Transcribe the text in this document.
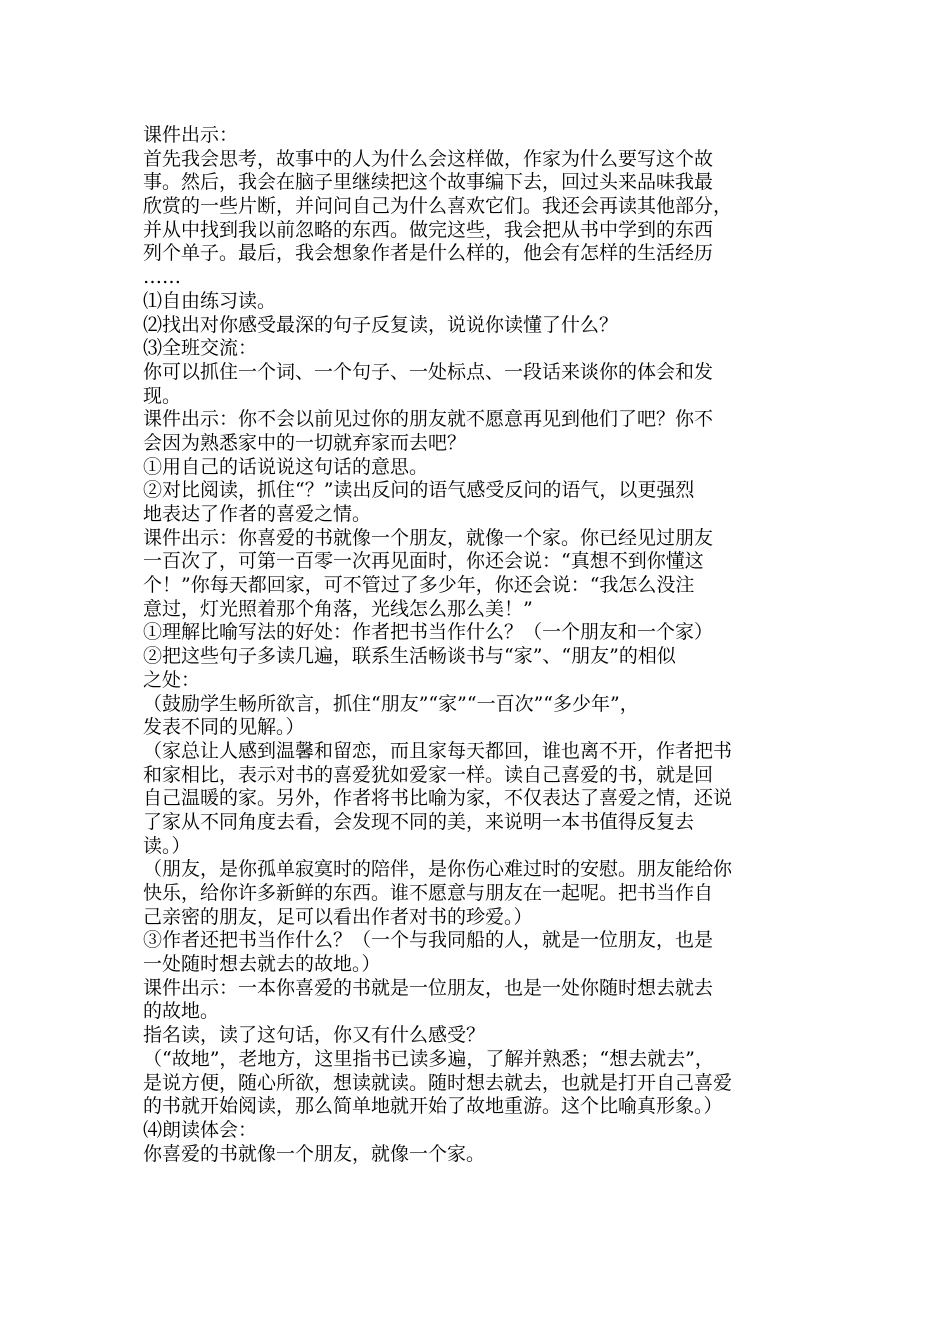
课件出示：
首先我会思考，故事中的人为什么会这样做，作家为什么要写这个故
事。然后，我会在脑子里继续把这个故事编下去，回过头来品味我最
欣赏的一些片断，并问问自己为什么喜欢它们。我还会再读其他部分，
并从中找到我以前忽略的东西。做完这些，我会把从书中学到的东西
列个单子。最后，我会想象作者是什么样的，他会有怎样的生活经历
……
⑴自由练习读。
⑵找出对你感受最深的句子反复读，说说你读懂了什么？
⑶全班交流：
你可以抓住一个词、一个句子、一处标点、一段话来谈你的体会和发
现。
课件出示：你不会以前见过你的朋友就不愿意再见到他们了吧？你不
会因为熟悉家中的一切就弃家而去吧？
①用自己的话说说这句话的意思。
②对比阅读，抓住“？”读出反问的语气感受反问的语气，以更强烈
地表达了作者的喜爱之情。
课件出示：你喜爱的书就像一个朋友，就像一个家。你已经见过朋友
一百次了，可第一百零一次再见面时，你还会说：“真想不到你懂这
个！”你每天都回家，可不管过了多少年，你还会说：“我怎么没注
意过，灯光照着那个角落，光线怎么那么美！”
①理解比喻写法的好处：作者把书当作什么？（一个朋友和一个家）
②把这些句子多读几遍，联系生活畅谈书与“家”、“朋友”的相似
之处：
（鼓励学生畅所欲言，抓住“朋友”“家”“一百次”“多少年”，
发表不同的见解。）
（家总让人感到温馨和留恋，而且家每天都回，谁也离不开，作者把书
和家相比，表示对书的喜爱犹如爱家一样。读自己喜爱的书，就是回
自己温暖的家。另外，作者将书比喻为家，不仅表达了喜爱之情，还说
了家从不同角度去看，会发现不同的美，来说明一本书值得反复去
读。）
（朋友，是你孤单寂寞时的陪伴，是你伤心难过时的安慰。朋友能给你
快乐，给你许多新鲜的东西。谁不愿意与朋友在一起呢。把书当作自
己亲密的朋友，足可以看出作者对书的珍爱。）
③作者还把书当作什么？（一个与我同船的人，就是一位朋友，也是
一处随时想去就去的故地。）
课件出示：一本你喜爱的书就是一位朋友，也是一处你随时想去就去
的故地。
指名读，读了这句话，你又有什么感受？
（“故地”，老地方，这里指书已读多遍，了解并熟悉；“想去就去”，
是说方便，随心所欲，想读就读。随时想去就去，也就是打开自己喜爱
的书就开始阅读，那么简单地就开始了故地重游。这个比喻真形象。）
⑷朗读体会：
你喜爱的书就像一个朋友，就像一个家。
